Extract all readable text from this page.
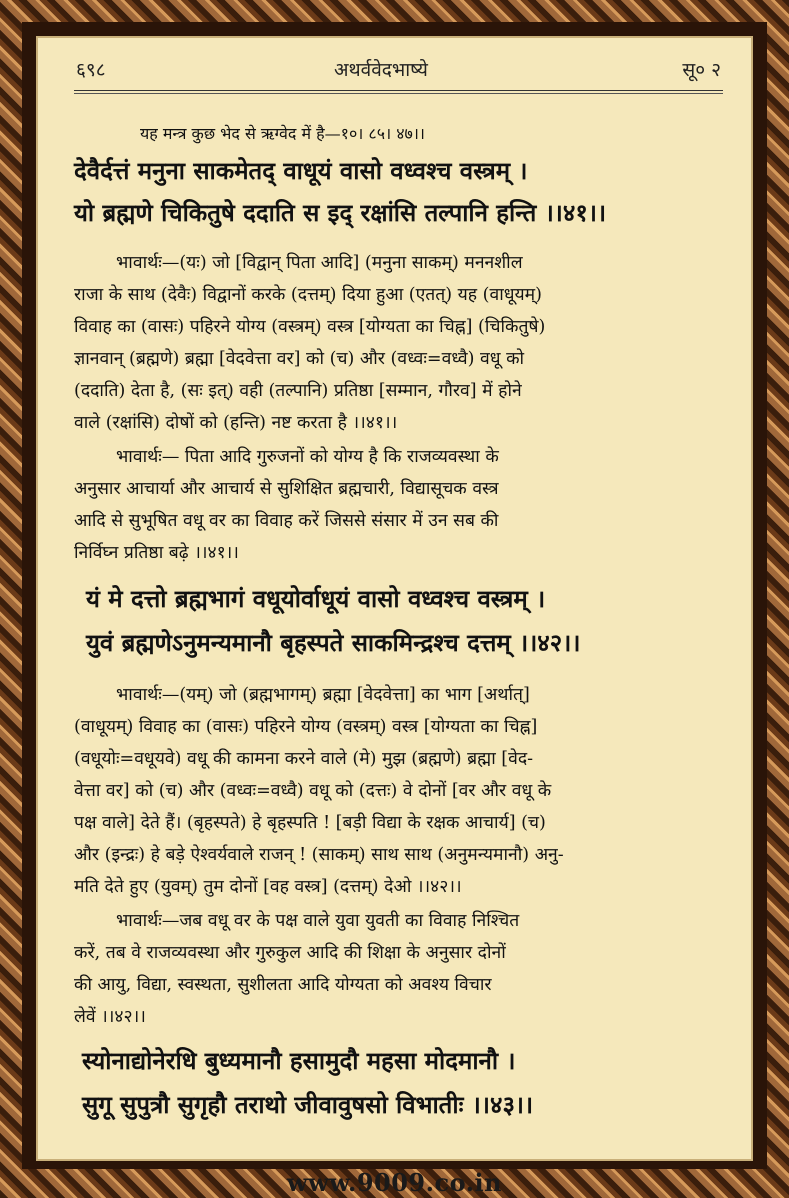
६९८	अथर्ववेदभाष्ये	सू० २
यह मन्त्र कुछ भेद से ऋग्वेद में है—१०। ८५। ४७।।
देवैर्दत्तं मनुना साकमेतद् वाधूयं वासो वध्वश्च वस्त्रम् ।
यो ब्रह्मणे चिकितुषे ददाति स इद् रक्षांसि तल्पानि हन्ति ।।४१।।
भावार्थः—(यः) जो [विद्वान् पिता आदि] (मनुना साकम्) मननशील
राजा के साथ (देवैः) विद्वानों करके (दत्तम्) दिया हुआ (एतत्) यह (वाधूयम्)
विवाह का (वासः) पहिरने योग्य (वस्त्रम्) वस्त्र [योग्यता का चिह्न] (चिकितुषे)
ज्ञानवान् (ब्रह्मणे) ब्रह्मा [वेदवेत्ता वर] को (च) और (वध्वः=वध्वै) वधू को
(ददाति) देता है, (सः इत्) वही (तल्पानि) प्रतिष्ठा [सम्मान, गौरव] में होने
वाले (रक्षांसि) दोषों को (हन्ति) नष्ट करता है ।।४१।।
भावार्थः— पिता आदि गुरुजनों को योग्य है कि राजव्यवस्था के
अनुसार आचार्या और आचार्य से सुशिक्षित ब्रह्मचारी, विद्यासूचक वस्त्र
आदि से सुभूषित वधू वर का विवाह करें जिससे संसार में उन सब की
निर्विघ्न प्रतिष्ठा बढ़े ।।४१।।
यं मे दत्तो ब्रह्मभागं वधूयोर्वाधूयं वासो वध्वश्च वस्त्रम् ।
युवं ब्रह्मणेऽनुमन्यमानौ बृहस्पते साकमिन्द्रश्च दत्तम् ।।४२।।
भावार्थः—(यम्) जो (ब्रह्मभागम्) ब्रह्मा [वेदवेत्ता] का भाग [अर्थात्]
(वाधूयम्) विवाह का (वासः) पहिरने योग्य (वस्त्रम्) वस्त्र [योग्यता का चिह्न]
(वधूयोः=वधूयवे) वधू की कामना करने वाले (मे) मुझ (ब्रह्मणे) ब्रह्मा [वेद-
वेत्ता वर] को (च) और (वध्वः=वध्वै) वधू को (दत्तः) वे दोनों [वर और वधू के
पक्ष वाले] देते हैं। (बृहस्पते) हे बृहस्पति ! [बड़ी विद्या के रक्षक आचार्य] (च)
और (इन्द्रः) हे बड़े ऐश्वर्यवाले राजन् ! (साकम्) साथ साथ (अनुमन्यमानौ) अनु-
मति देते हुए (युवम्) तुम दोनों [वह वस्त्र] (दत्तम्) देओ ।।४२।।
भावार्थः—जब वधू वर के पक्ष वाले युवा युवती का विवाह निश्चित
करें, तब वे राजव्यवस्था और गुरुकुल आदि की शिक्षा के अनुसार दोनों
की आयु, विद्या, स्वस्थता, सुशीलता आदि योग्यता को अवश्य विचार
लेवें ।।४२।।
स्योनाद्योनेरधि बुध्यमानौ हसामुदौ महसा मोदमानौ ।
सुगू सुपुत्रौ सुगृहौ तराथो जीवावुषसो विभातीः ।।४३।।
www.9009.co.in
